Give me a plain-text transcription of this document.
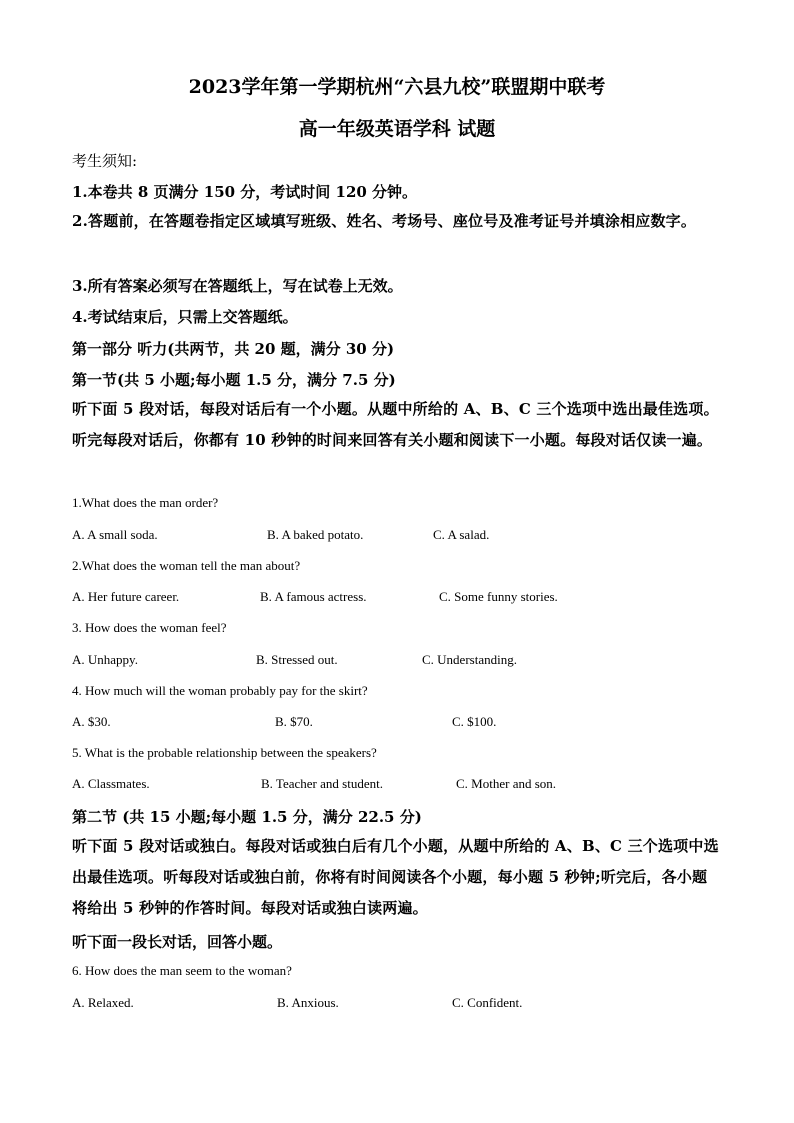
2023学年第一学期杭州“六县九校”联盟期中联考
高一年级英语学科 试题
考生须知:
1.本卷共 8 页满分 150 分，考试时间 120 分钟。
2.答题前，在答题卷指定区域填写班级、姓名、考场号、座位号及准考证号并填涂相应数字。
3.所有答案必须写在答题纸上，写在试卷上无效。
4.考试结束后，只需上交答题纸。
第一部分 听力(共两节，共 20 题，满分 30 分)
第一节(共 5 小题;每小题 1.5 分，满分 7.5 分)
听下面 5 段对话，每段对话后有一个小题。从题中所给的 A、B、C 三个选项中选出最佳选项。听完每段对话后，你都有 10 秒钟的时间来回答有关小题和阅读下一小题。每段对话仅读一遍。
1.What does the man order?
A. A small soda.	B. A baked potato.	C. A salad.
2.What does the woman tell the man about?
A. Her future career.	B. A famous actress.	C. Some funny stories.
3. How does the woman feel?
A. Unhappy.	B. Stressed out.	C. Understanding.
4. How much will the woman probably pay for the skirt?
A. $30.	B. $70.	C. $100.
5. What is the probable relationship between the speakers?
A. Classmates.	B. Teacher and student.	C. Mother and son.
第二节 (共 15 小题;每小题 1.5 分，满分 22.5 分)
听下面 5 段对话或独白。每段对话或独白后有几个小题，从题中所给的 A、B、C 三个选项中选出最佳选项。听每段对话或独白前，你将有时间阅读各个小题，每小题 5 秒钟;听完后，各小题将给出 5 秒钟的作答时间。每段对话或独白读两遍。
听下面一段长对话，回答小题。
6. How does the man seem to the woman?
A. Relaxed.	B. Anxious.	C. Confident.
